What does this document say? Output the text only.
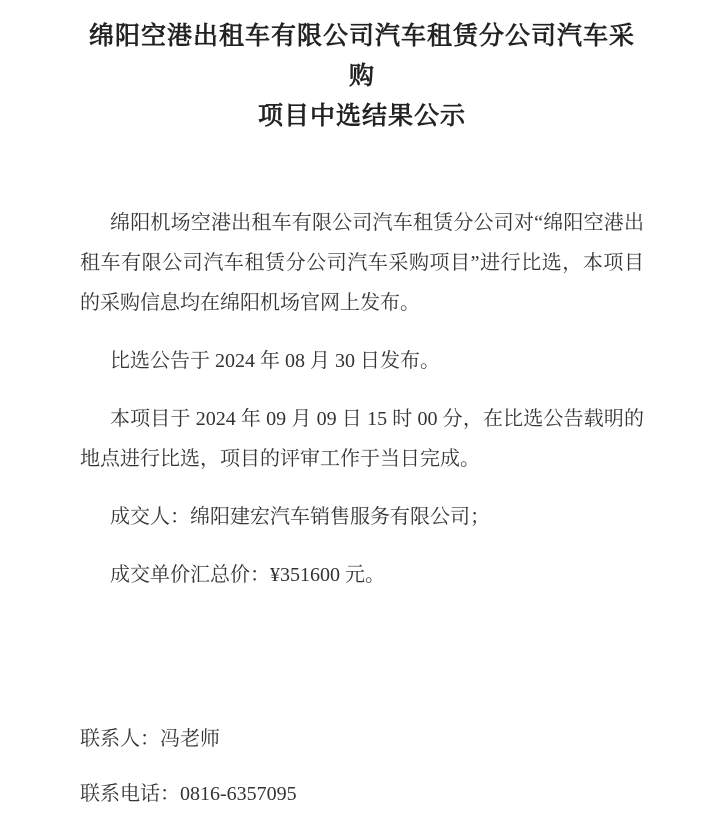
绵阳空港出租车有限公司汽车租赁分公司汽车采购
项目中选结果公示

绵阳机场空港出租车有限公司汽车租赁分公司对“绵阳空港出租车有限公司汽车租赁分公司汽车采购项目”进行比选，本项目的采购信息均在绵阳机场官网上发布。

比选公告于 2024 年 08 月 30 日发布。

本项目于 2024 年 09 月 09 日 15 时 00 分，在比选公告载明的地点进行比选，项目的评审工作于当日完成。

成交人：绵阳建宏汽车销售服务有限公司；

成交单价汇总价：¥351600 元。

联系人：冯老师

联系电话：0816-6357095
